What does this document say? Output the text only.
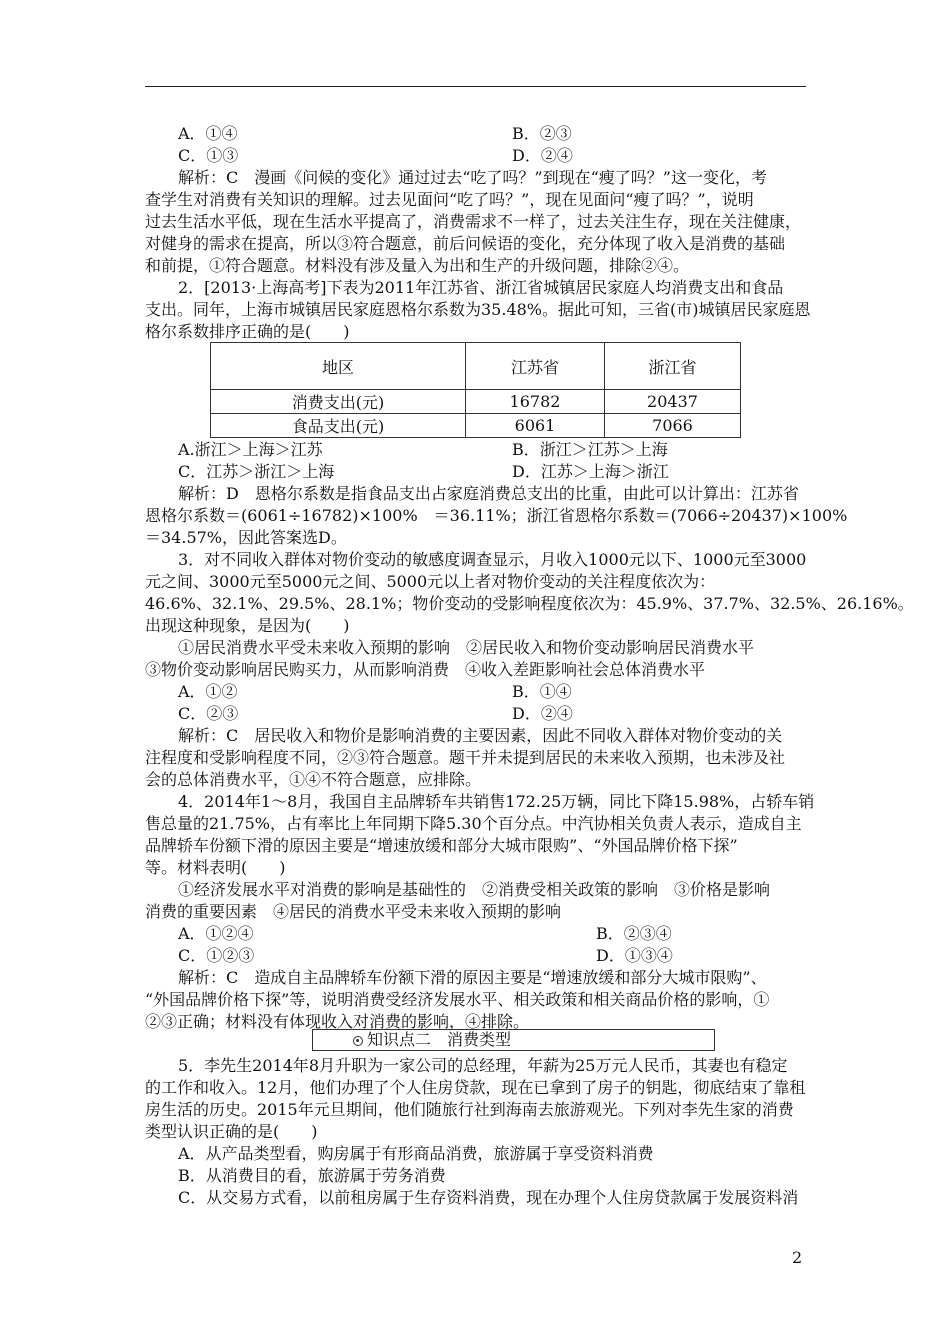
A．①④	B．②③
C．①③	D．②④
解析：C　漫画《问候的变化》通过过去“吃了吗？”到现在“瘦了吗？”这一变化，考
查学生对消费有关知识的理解。过去见面问“吃了吗？”，现在见面问“瘦了吗？”，说明
过去生活水平低，现在生活水平提高了，消费需求不一样了，过去关注生存，现在关注健康，
对健身的需求在提高，所以③符合题意，前后问候语的变化，充分体现了收入是消费的基础
和前提，①符合题意。材料没有涉及量入为出和生产的升级问题，排除②④。
2．[2013·上海高考]下表为2011年江苏省、浙江省城镇居民家庭人均消费支出和食品
支出。同年，上海市城镇居民家庭恩格尔系数为35.48%。据此可知，三省(市)城镇居民家庭恩
格尔系数排序正确的是(　　)
地区	江苏省	浙江省
消费支出(元)	16782	20437
食品支出(元)	6061	7066
A.浙江＞上海＞江苏	B．浙江＞江苏＞上海
C．江苏＞浙江＞上海	D．江苏＞上海＞浙江
解析：D　恩格尔系数是指食品支出占家庭消费总支出的比重，由此可以计算出：江苏省
恩格尔系数＝(6061÷16782)×100%　＝36.11%；浙江省恩格尔系数＝(7066÷20437)×100%
＝34.57%，因此答案选D。
3．对不同收入群体对物价变动的敏感度调查显示，月收入1000元以下、1000元至3000
元之间、3000元至5000元之间、5000元以上者对物价变动的关注程度依次为：
46.6%、32.1%、29.5%、28.1%；物价变动的受影响程度依次为：45.9%、37.7%、32.5%、26.16%。
出现这种现象，是因为(　　)
①居民消费水平受未来收入预期的影响　②居民收入和物价变动影响居民消费水平
③物价变动影响居民购买力，从而影响消费　④收入差距影响社会总体消费水平
A．①②	B．①④
C．②③	D．②④
解析：C　居民收入和物价是影响消费的主要因素，因此不同收入群体对物价变动的关
注程度和受影响程度不同，②③符合题意。题干并未提到居民的未来收入预期，也未涉及社
会的总体消费水平，①④不符合题意，应排除。
4．2014年1～8月，我国自主品牌轿车共销售172.25万辆，同比下降15.98%，占轿车销
售总量的21.75%，占有率比上年同期下降5.30个百分点。中汽协相关负责人表示，造成自主
品牌轿车份额下滑的原因主要是“增速放缓和部分大城市限购”、“外国品牌价格下探”
等。材料表明(　　)
①经济发展水平对消费的影响是基础性的　②消费受相关政策的影响　③价格是影响
消费的重要因素　④居民的消费水平受未来收入预期的影响
A．①②④	B．②③④
C．①②③	D．①③④
解析：C　造成自主品牌轿车份额下滑的原因主要是“增速放缓和部分大城市限购”、
“外国品牌价格下探”等，说明消费受经济发展水平、相关政策和相关商品价格的影响，①
②③正确；材料没有体现收入对消费的影响，④排除。
知识点二　消费类型
5．李先生2014年8月升职为一家公司的总经理，年薪为25万元人民币，其妻也有稳定
的工作和收入。12月，他们办理了个人住房贷款，现在已拿到了房子的钥匙，彻底结束了靠租
房生活的历史。2015年元旦期间，他们随旅行社到海南去旅游观光。下列对李先生家的消费
类型认识正确的是(　　)
A．从产品类型看，购房属于有形商品消费，旅游属于享受资料消费
B．从消费目的看，旅游属于劳务消费
C．从交易方式看，以前租房属于生存资料消费，现在办理个人住房贷款属于发展资料消
2
